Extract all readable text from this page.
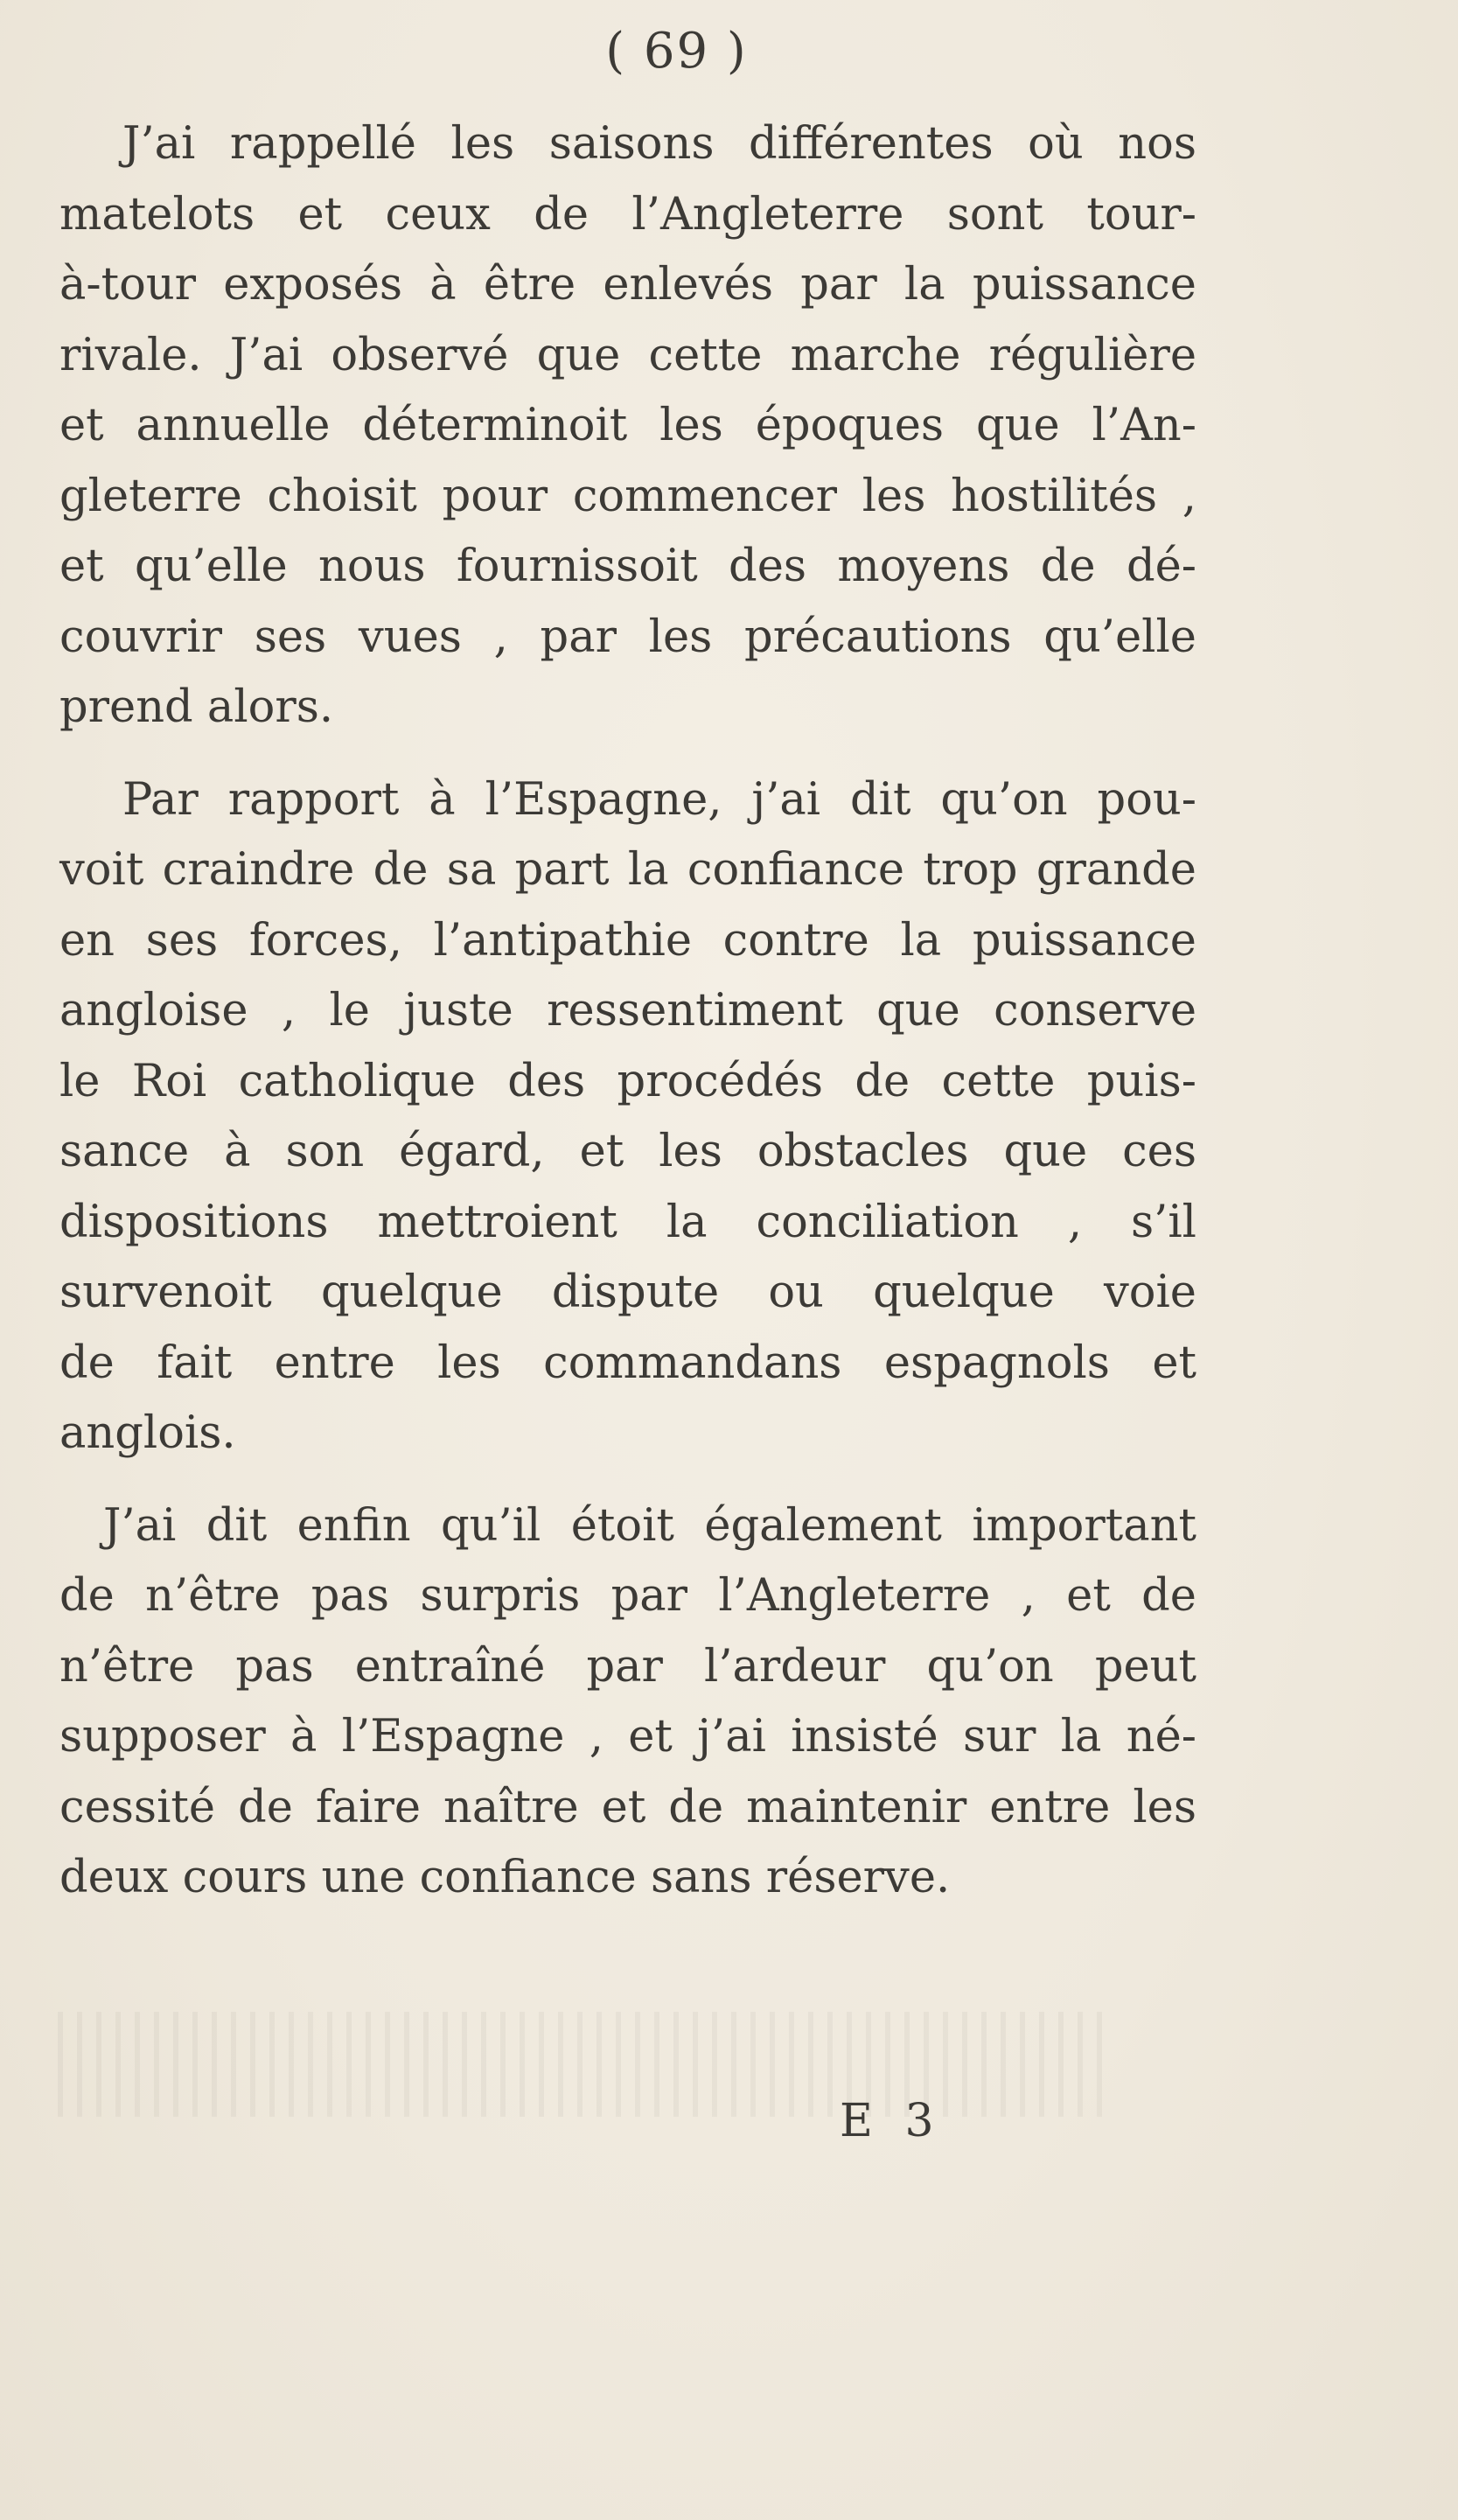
( 69 )
J’ai rappellé les saisons différentes où nos
matelots et ceux de l’Angleterre sont tour-
à-tour exposés à être enlevés par la puissance
rivale. J’ai observé que cette marche régulière
et annuelle déterminoit les époques que l’An-
gleterre choisit pour commencer les hostilités ,
et qu’elle nous fournissoit des moyens de dé-
couvrir ses vues , par les précautions qu’elle
prend alors.
Par rapport à l’Espagne, j’ai dit qu’on pou-
voit craindre de sa part la confiance trop grande
en ses forces, l’antipathie contre la puissance
angloise , le juste ressentiment que conserve
le Roi catholique des procédés de cette puis-
sance à son égard, et les obstacles que ces
dispositions mettroient la conciliation , s’il
survenoit quelque dispute ou quelque voie
de fait entre les commandans espagnols et
anglois.
J’ai dit enfin qu’il étoit également important
de n’être pas surpris par l’Angleterre , et de
n’être pas entraîné par l’ardeur qu’on peut
supposer à l’Espagne , et j’ai insisté sur la né-
cessité de faire naître et de maintenir entre les
deux cours une confiance sans réserve.
E 3
